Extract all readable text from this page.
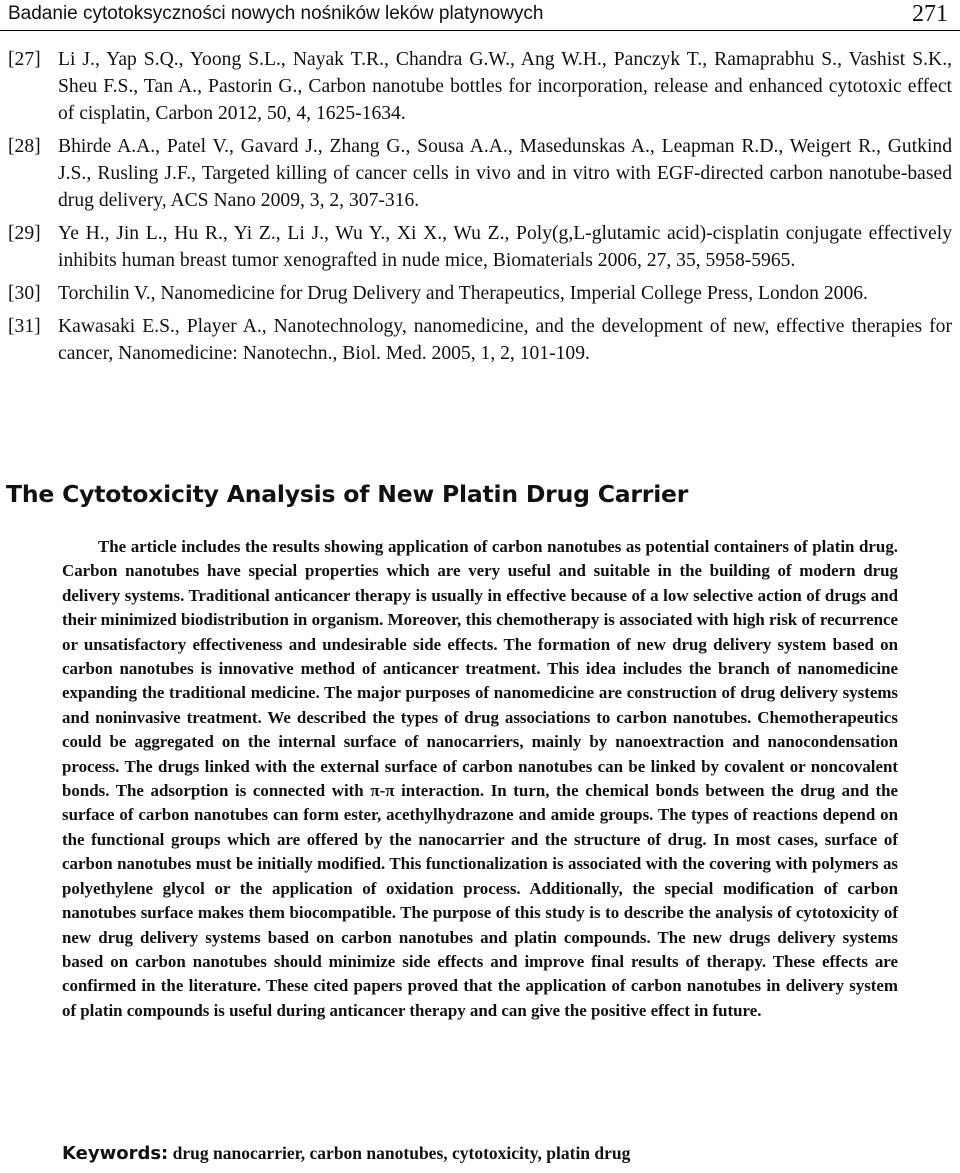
Badanie cytotoksyczności nowych nośników leków platynowych	271
[27] Li J., Yap S.Q., Yoong S.L., Nayak T.R., Chandra G.W., Ang W.H., Panczyk T., Ramaprabhu S., Vashist S.K., Sheu F.S., Tan A., Pastorin G., Carbon nanotube bottles for incorporation, release and enhanced cytotoxic effect of cisplatin, Carbon 2012, 50, 4, 1625-1634.
[28] Bhirde A.A., Patel V., Gavard J., Zhang G., Sousa A.A., Masedunskas A., Leapman R.D., Weigert R., Gutkind J.S., Rusling J.F., Targeted killing of cancer cells in vivo and in vitro with EGF-directed carbon nanotube-based drug delivery, ACS Nano 2009, 3, 2, 307-316.
[29] Ye H., Jin L., Hu R., Yi Z., Li J., Wu Y., Xi X., Wu Z., Poly(g,L-glutamic acid)-cisplatin conjugate effectively inhibits human breast tumor xenografted in nude mice, Biomaterials 2006, 27, 35, 5958-5965.
[30] Torchilin V., Nanomedicine for Drug Delivery and Therapeutics, Imperial College Press, London 2006.
[31] Kawasaki E.S., Player A., Nanotechnology, nanomedicine, and the development of new, effective therapies for cancer, Nanomedicine: Nanotechn., Biol. Med. 2005, 1, 2, 101-109.
The Cytotoxicity Analysis of New Platin Drug Carrier

The article includes the results showing application of carbon nanotubes as potential containers of platin drug. Carbon nanotubes have special properties which are very useful and suitable in the building of modern drug delivery systems. Traditional anticancer therapy is usually in effective because of a low selective action of drugs and their minimized biodistribution in organism. Moreover, this chemotherapy is associated with high risk of recurrence or unsatisfactory effectiveness and undesirable side effects. The formation of new drug delivery system based on carbon nanotubes is innovative method of anticancer treatment. This idea includes the branch of nanomedicine expanding the traditional medicine. The major purposes of nanomedicine are construction of drug delivery systems and noninvasive treatment. We described the types of drug associations to carbon nanotubes. Chemotherapeutics could be aggregated on the internal surface of nanocarriers, mainly by nanoextraction and nanocondensation process. The drugs linked with the external surface of carbon nanotubes can be linked by covalent or noncovalent bonds. The adsorption is connected with π-π interaction. In turn, the chemical bonds between the drug and the surface of carbon nanotubes can form ester, acethylhydrazone and amide groups. The types of reactions depend on the functional groups which are offered by the nanocarrier and the structure of drug. In most cases, surface of carbon nanotubes must be initially modified. This functionalization is associated with the covering with polymers as polyethylene glycol or the application of oxidation process. Additionally, the special modification of carbon nanotubes surface makes them biocompatible. The purpose of this study is to describe the analysis of cytotoxicity of new drug delivery systems based on carbon nanotubes and platin compounds. The new drugs delivery systems based on carbon nanotubes should minimize side effects and improve final results of therapy. These effects are confirmed in the literature. These cited papers proved that the application of carbon nanotubes in delivery system of platin compounds is useful during anticancer therapy and can give the positive effect in future.

Keywords: drug nanocarrier, carbon nanotubes, cytotoxicity, platin drug
